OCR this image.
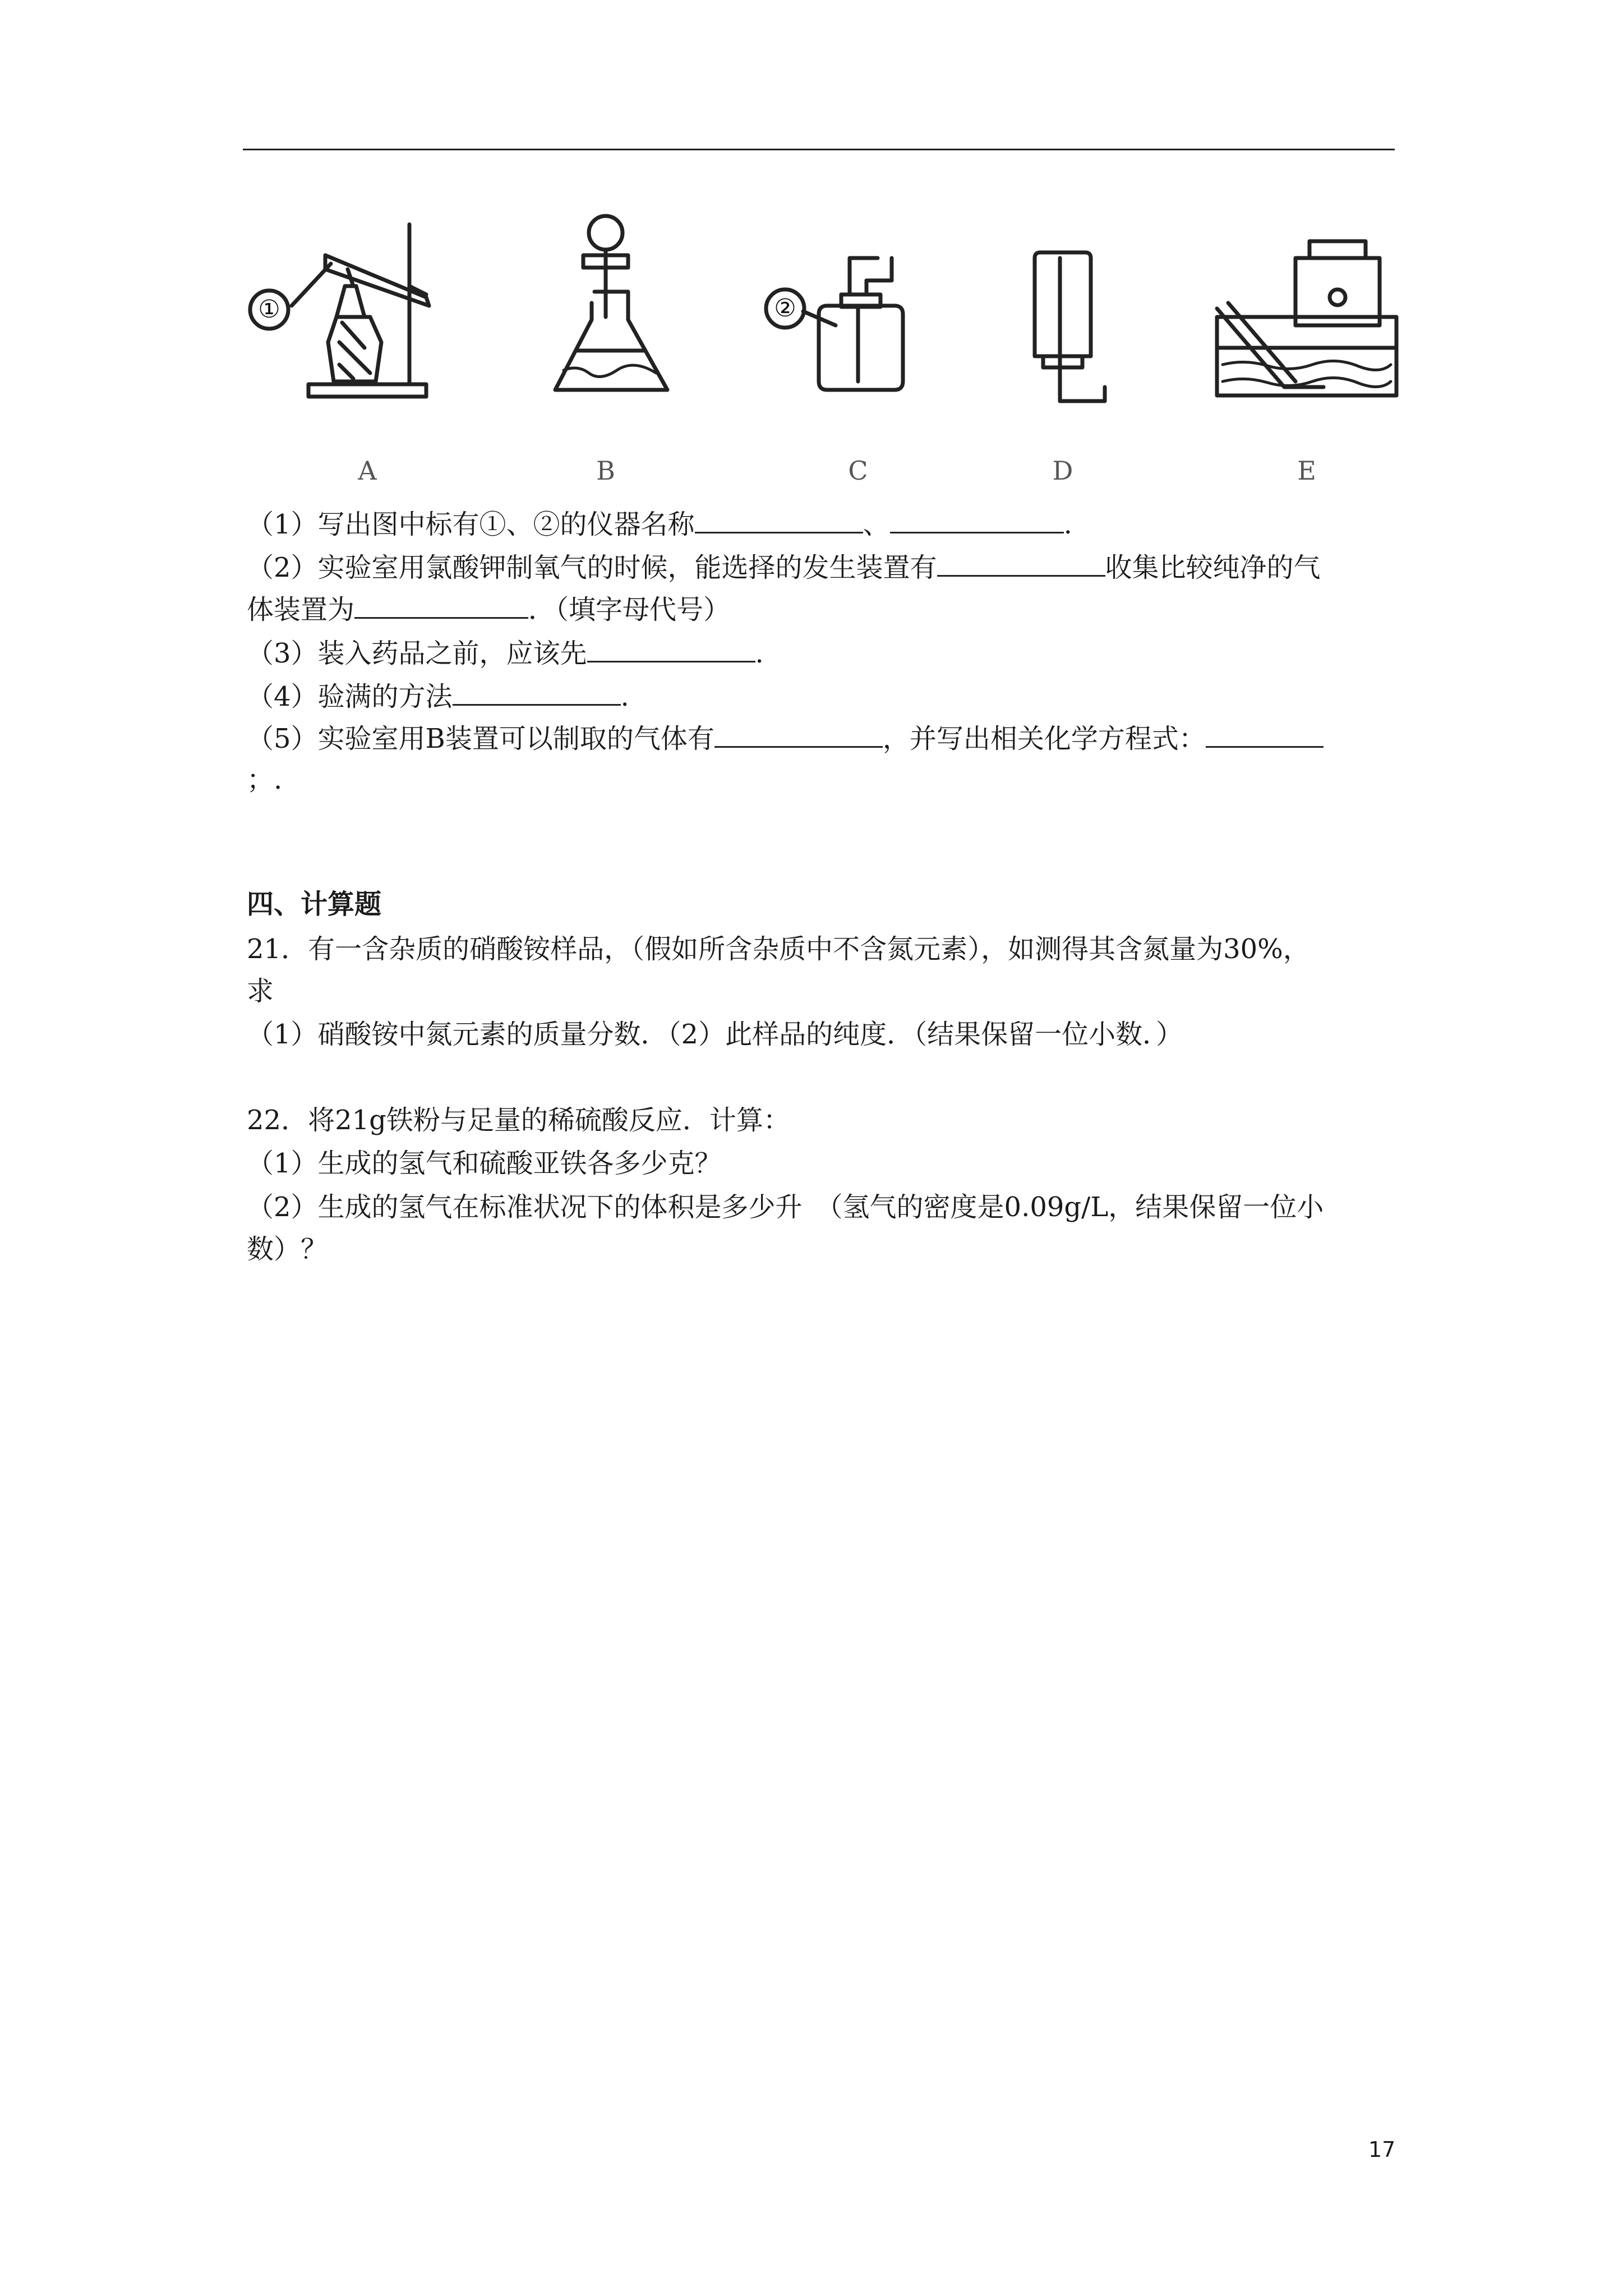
①	②
A	B	C	D	E
（1）写出图中标有①、②的仪器名称	、	.
（2）实验室用氯酸钾制氧气的时候，能选择的发生装置有	收集比较纯净的气
体装置为	．（填字母代号）
（3）装入药品之前，应该先	.
（4）验满的方法	.
（5）实验室用B装置可以制取的气体有	，并写出相关化学方程式：
；.
四、计算题
21．有一含杂质的硝酸铵样品，（假如所含杂质中不含氮元素），如测得其含氮量为30%，
求
（1）硝酸铵中氮元素的质量分数．（2）此样品的纯度．（结果保留一位小数．）
22．将21g铁粉与足量的稀硫酸反应．计算：
（1）生成的氢气和硫酸亚铁各多少克？
（2）生成的氢气在标准状况下的体积是多少升　（氢气的密度是0.09g/L，结果保留一位小
数）？
17
